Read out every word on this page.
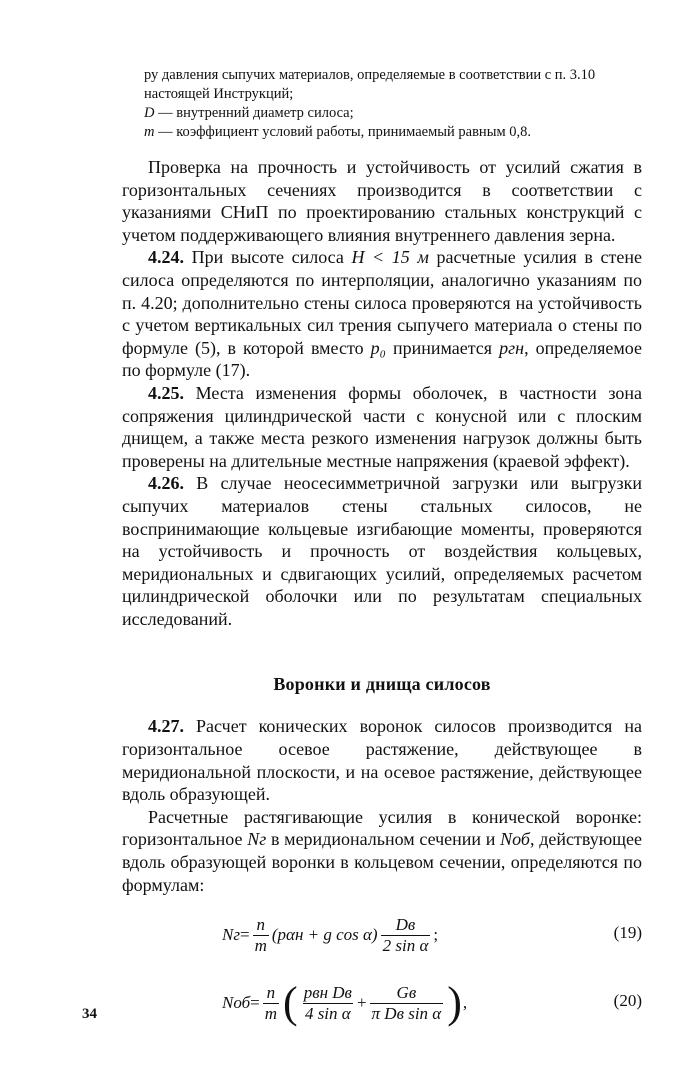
ру давления сыпучих материалов, определяемые в соответствии с п. 3.10 настоящей Инструкций;

D — внутренний диаметр силоса;

m — коэффициент условий работы, принимаемый равным 0,8.

Проверка на прочность и устойчивость от усилий сжатия в горизонтальных сечениях производится в соответствии с указаниями СНиП по проектированию стальных конструкций с учетом поддерживающего влияния внутреннего давления зерна.

4.24. При высоте силоса H < 15 м расчетные усилия в стене силоса определяются по интерполяции, аналогично указаниям по п. 4.20; дополнительно стены силоса проверяются на устойчивость с учетом вертикальных сил трения сыпучего материала о стены по формуле (5), в которой вместо p₀ принимается pгн, определяемое по формуле (17).

4.25. Места изменения формы оболочек, в частности зона сопряжения цилиндрической части с конусной или с плоским днищем, а также места резкого изменения нагрузок должны быть проверены на длительные местные напряжения (краевой эффект).

4.26. В случае неосесимметричной загрузки или выгрузки сыпучих материалов стены стальных силосов, не воспринимающие кольцевые изгибающие моменты, проверяются на устойчивость и прочность от воздействия кольцевых, меридиональных и сдвигающих усилий, определяемых расчетом цилиндрической оболочки или по результатам специальных исследований.

Воронки и днища силосов

4.27. Расчет конических воронок силосов производится на горизонтальное осевое растяжение, действующее в меридиональной плоскости, и на осевое растяжение, действующее вдоль образующей.

Расчетные растягивающие усилия в конической воронке: горизонтальное Nг в меридиональном сечении и Nоб, действующее вдоль образующей воронки в кольцевом сечении, определяются по формулам:

Nг = $\frac{n}{m} (p\alpha н + g$ $\cos \alpha) \frac{Dв}{\text{2 sin α}}$ ;	(19)
Nоб = $\frac{n}{m}$ ( $\frac{\text{pвн Dв}}{\text{4 sin α}} + \frac{Gв}{\text{π Dв sin α}}$ ) ,	(20)
34
